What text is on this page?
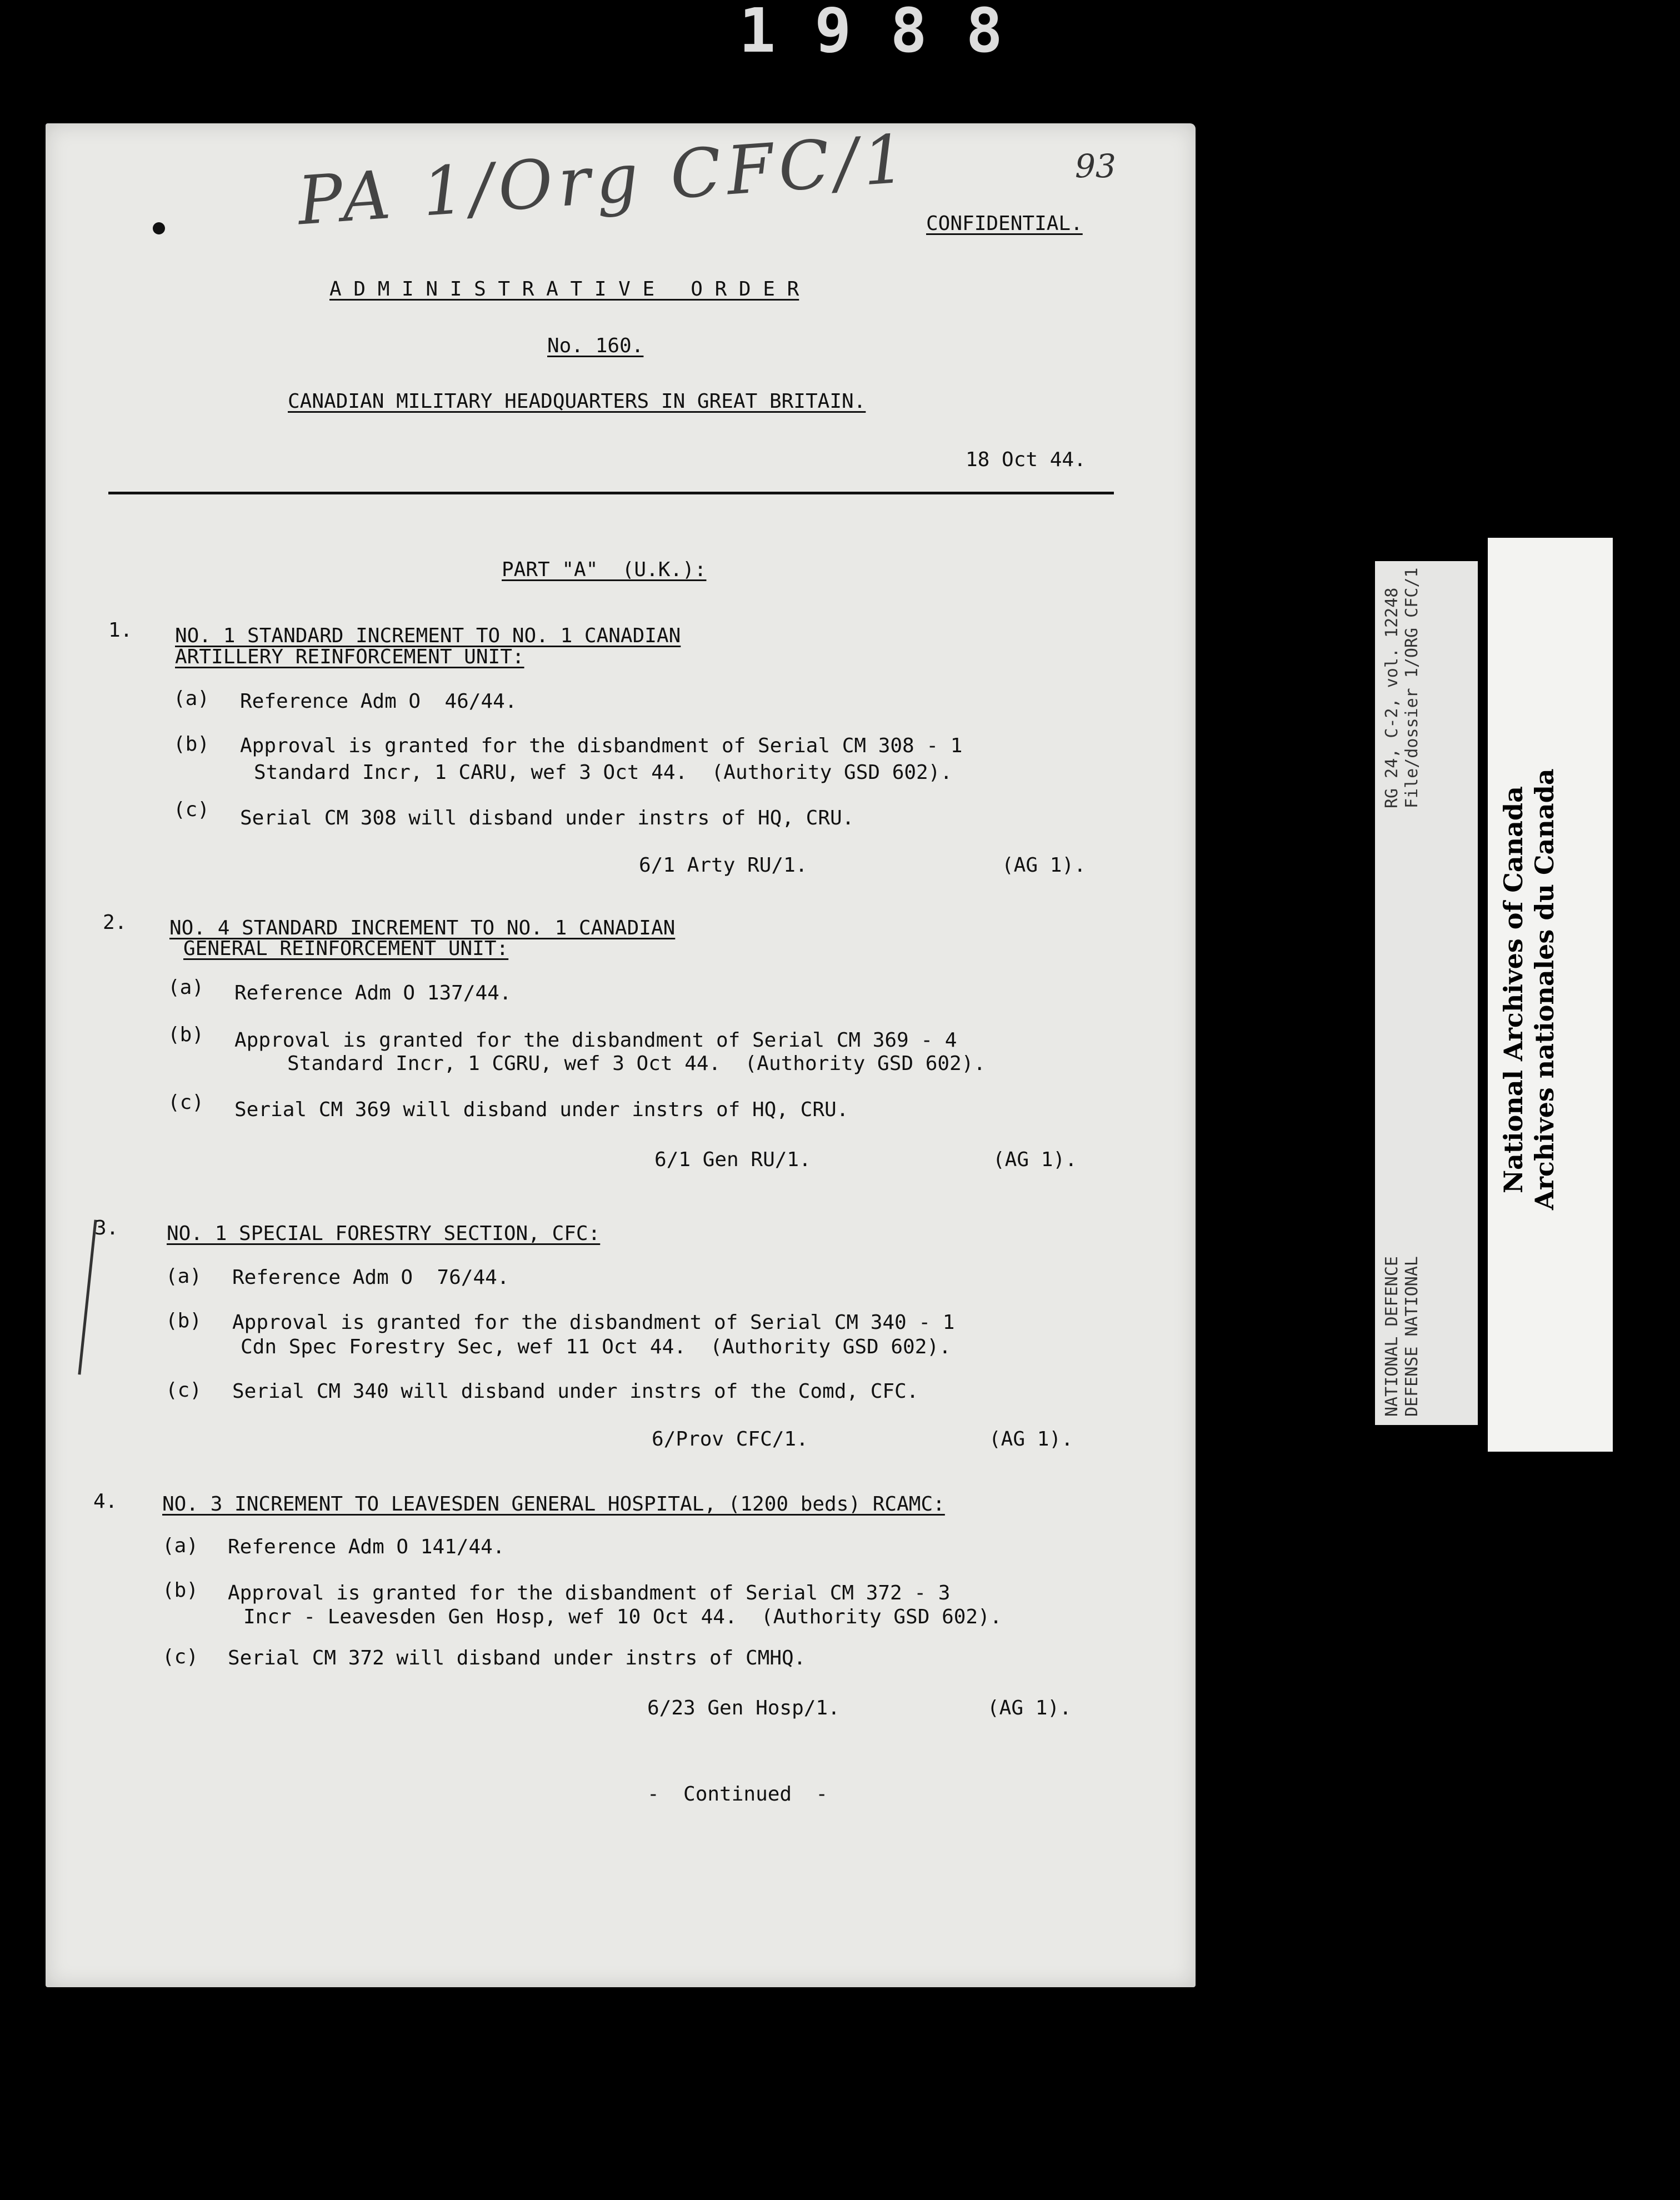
1988
PA 1/Org CFC/1	93
CONFIDENTIAL.
A D M I N I S T R A T I V E   O R D E R
No. 160.
CANADIAN MILITARY HEADQUARTERS IN GREAT BRITAIN.
18 Oct 44.
PART "A"  (U.K.):
1. NO. 1 STANDARD INCREMENT TO NO. 1 CANADIAN
ARTILLERY REINFORCEMENT UNIT:
(a) Reference Adm O  46/44.
(b) Approval is granted for the disbandment of Serial CM 308 - 1
Standard Incr, 1 CARU, wef 3 Oct 44.  (Authority GSD 602).
(c) Serial CM 308 will disband under instrs of HQ, CRU.
6/1 Arty RU/1.	(AG 1).
2. NO. 4 STANDARD INCREMENT TO NO. 1 CANADIAN
GENERAL REINFORCEMENT UNIT:
(a) Reference Adm O 137/44.
(b) Approval is granted for the disbandment of Serial CM 369 - 4
Standard Incr, 1 CGRU, wef 3 Oct 44.  (Authority GSD 602).
(c) Serial CM 369 will disband under instrs of HQ, CRU.
6/1 Gen RU/1.	(AG 1).
3. NO. 1 SPECIAL FORESTRY SECTION, CFC:
(a) Reference Adm O  76/44.
(b) Approval is granted for the disbandment of Serial CM 340 - 1
Cdn Spec Forestry Sec, wef 11 Oct 44.  (Authority GSD 602).
(c) Serial CM 340 will disband under instrs of the Comd, CFC.
6/Prov CFC/1.	(AG 1).
4. NO. 3 INCREMENT TO LEAVESDEN GENERAL HOSPITAL, (1200 beds) RCAMC:
(a) Reference Adm O 141/44.
(b) Approval is granted for the disbandment of Serial CM 372 - 3
Incr - Leavesden Gen Hosp, wef 10 Oct 44.  (Authority GSD 602).
(c) Serial CM 372 will disband under instrs of CMHQ.
6/23 Gen Hosp/1.	(AG 1).
-  Continued  -
RG 24, C-2, vol. 12248 File/dossier 1/ORG CFC/1
NATIONAL DEFENCE DEFENSE NATIONAL
National Archives of Canada Archives nationales du Canada
